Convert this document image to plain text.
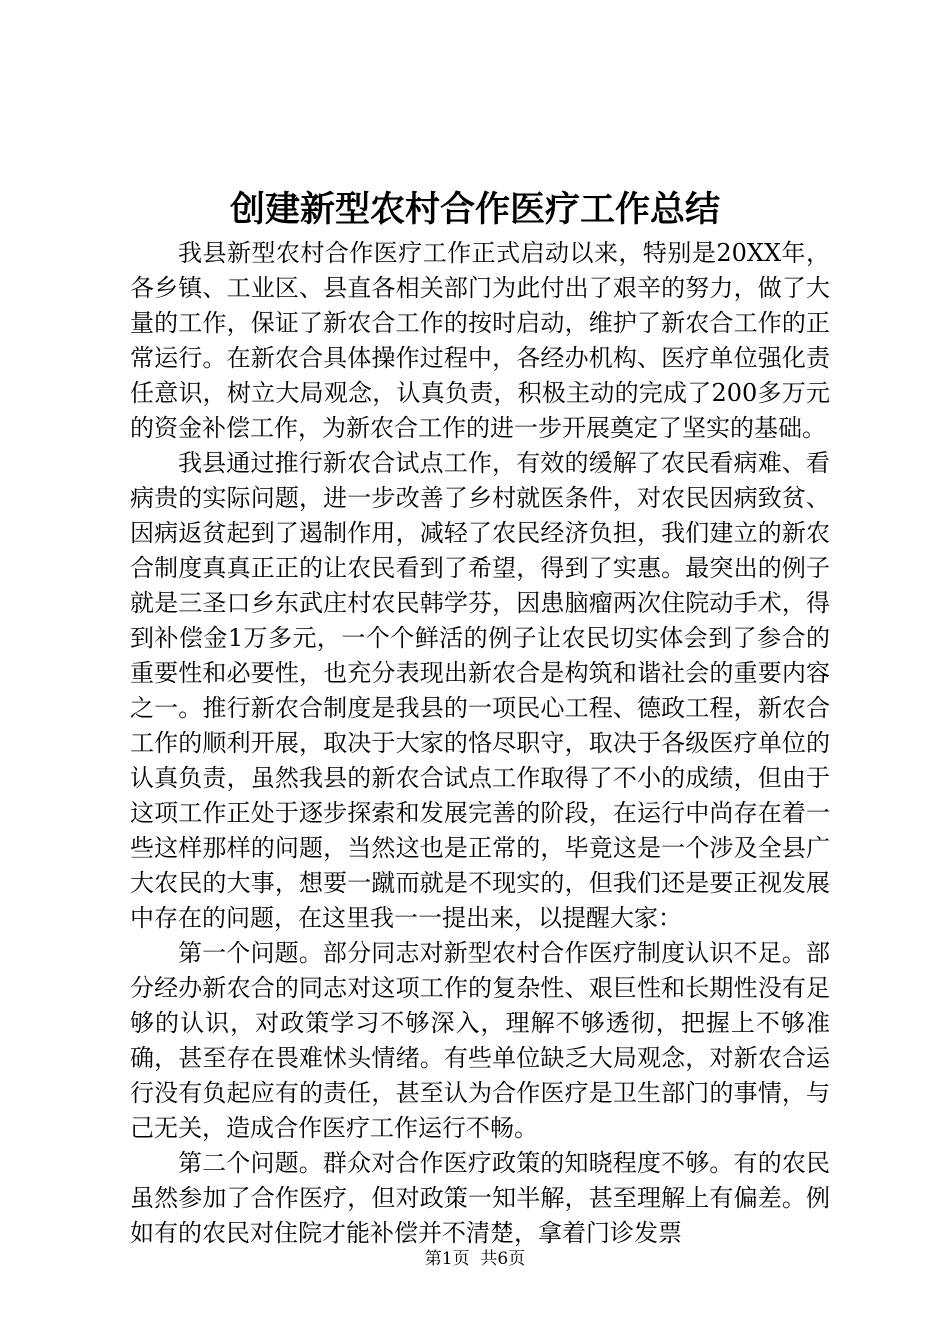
创建新型农村合作医疗工作总结

我县新型农村合作医疗工作正式启动以来，特别是20XX年，各乡镇、工业区、县直各相关部门为此付出了艰辛的努力，做了大量的工作，保证了新农合工作的按时启动，维护了新农合工作的正常运行。在新农合具体操作过程中，各经办机构、医疗单位强化责任意识，树立大局观念，认真负责，积极主动的完成了200多万元的资金补偿工作，为新农合工作的进一步开展奠定了坚实的基础。

我县通过推行新农合试点工作，有效的缓解了农民看病难、看病贵的实际问题，进一步改善了乡村就医条件，对农民因病致贫、因病返贫起到了遏制作用，减轻了农民经济负担，我们建立的新农合制度真真正正的让农民看到了希望，得到了实惠。最突出的例子就是三圣口乡东武庄村农民韩学芬，因患脑瘤两次住院动手术，得到补偿金1万多元，一个个鲜活的例子让农民切实体会到了参合的重要性和必要性，也充分表现出新农合是构筑和谐社会的重要内容之一。推行新农合制度是我县的一项民心工程、德政工程，新农合工作的顺利开展，取决于大家的恪尽职守，取决于各级医疗单位的认真负责，虽然我县的新农合试点工作取得了不小的成绩，但由于这项工作正处于逐步探索和发展完善的阶段，在运行中尚存在着一些这样那样的问题，当然这也是正常的，毕竟这是一个涉及全县广大农民的大事，想要一蹴而就是不现实的，但我们还是要正视发展中存在的问题，在这里我一一提出来，以提醒大家：

第一个问题。部分同志对新型农村合作医疗制度认识不足。部分经办新农合的同志对这项工作的复杂性、艰巨性和长期性没有足够的认识，对政策学习不够深入，理解不够透彻，把握上不够准确，甚至存在畏难怵头情绪。有些单位缺乏大局观念，对新农合运行没有负起应有的责任，甚至认为合作医疗是卫生部门的事情，与己无关，造成合作医疗工作运行不畅。

第二个问题。群众对合作医疗政策的知晓程度不够。有的农民虽然参加了合作医疗，但对政策一知半解，甚至理解上有偏差。例如有的农民对住院才能补偿并不清楚，拿着门诊发票

第1页  共6页
